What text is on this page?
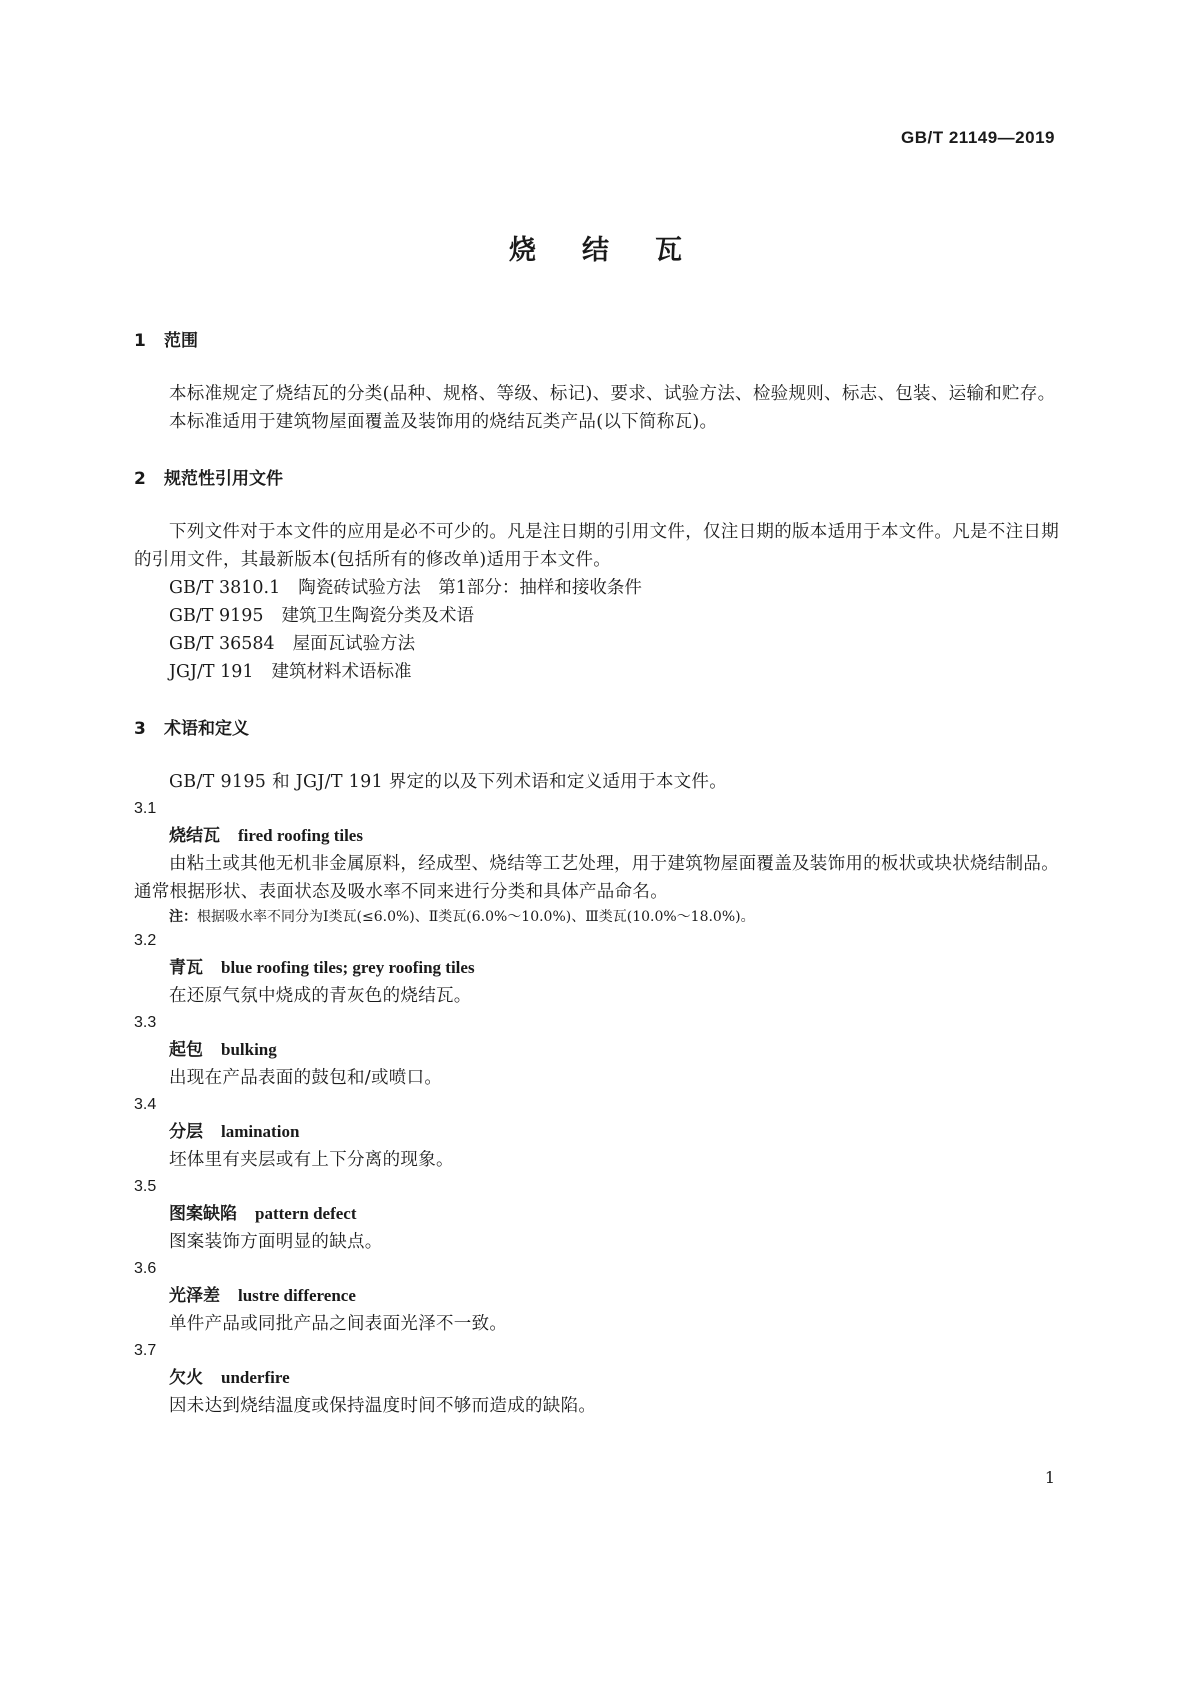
GB/T 21149—2019
烧结瓦
1 范围

本标准规定了烧结瓦的分类(品种、规格、等级、标记)、要求、试验方法、检验规则、标志、包装、运输和贮存。

本标准适用于建筑物屋面覆盖及装饰用的烧结瓦类产品(以下简称瓦)。

2 规范性引用文件

下列文件对于本文件的应用是必不可少的。凡是注日期的引用文件，仅注日期的版本适用于本文件。凡是不注日期的引用文件，其最新版本(包括所有的修改单)适用于本文件。

GB/T 3810.1 陶瓷砖试验方法　第1部分：抽样和接收条件

GB/T 9195 建筑卫生陶瓷分类及术语

GB/T 36584 屋面瓦试验方法

JGJ/T 191 建筑材料术语标准

3 术语和定义

GB/T 9195 和 JGJ/T 191 界定的以及下列术语和定义适用于本文件。

3.1

烧结瓦 fired roofing tiles

由粘土或其他无机非金属原料，经成型、烧结等工艺处理，用于建筑物屋面覆盖及装饰用的板状或块状烧结制品。通常根据形状、表面状态及吸水率不同来进行分类和具体产品命名。

注：根据吸水率不同分为Ⅰ类瓦(≤6.0%)、Ⅱ类瓦(6.0%～10.0%)、Ⅲ类瓦(10.0%～18.0%)。

3.2

青瓦 blue roofing tiles; grey roofing tiles

在还原气氛中烧成的青灰色的烧结瓦。

3.3

起包 bulking

出现在产品表面的鼓包和/或喷口。

3.4

分层 lamination

坯体里有夹层或有上下分离的现象。

3.5

图案缺陷 pattern defect

图案装饰方面明显的缺点。

3.6

光泽差 lustre difference

单件产品或同批产品之间表面光泽不一致。

3.7

欠火 underfire

因未达到烧结温度或保持温度时间不够而造成的缺陷。

1
